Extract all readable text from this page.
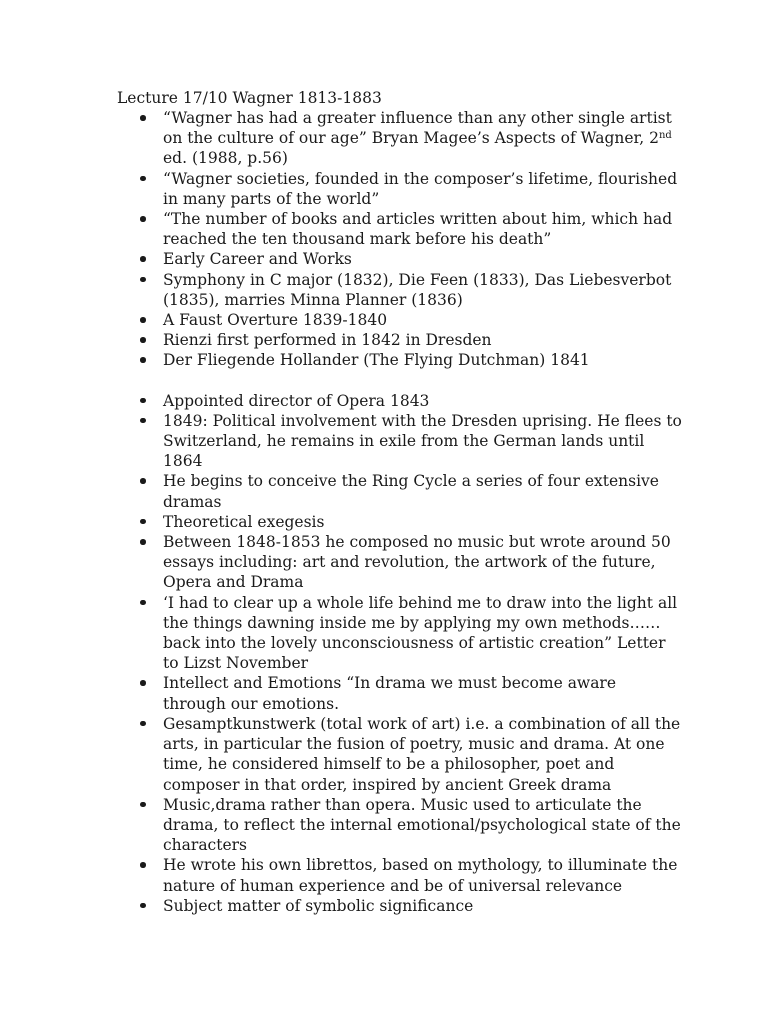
Lecture 17/10 Wagner 1813-1883
“Wagner has had a greater influence than any other single artist on the culture of our age” Bryan Magee’s Aspects of Wagner, 2nd ed. (1988, p.56)
“Wagner societies, founded in the composer’s lifetime, flourished in many parts of the world”
“The number of books and articles written about him, which had reached the ten thousand mark before his death”
Early Career and Works
Symphony in C major (1832), Die Feen (1833), Das Liebesverbot (1835), marries Minna Planner (1836)
A Faust Overture 1839-1840
Rienzi first performed in 1842 in Dresden
Der Fliegende Hollander (The Flying Dutchman) 1841
Appointed director of Opera 1843
1849: Political involvement with the Dresden uprising. He flees to Switzerland, he remains in exile from the German lands until 1864
He begins to conceive the Ring Cycle a series of four extensive dramas
Theoretical exegesis
Between 1848-1853 he composed no music but wrote around 50 essays including: art and revolution, the artwork of the future, Opera and Drama
‘I had to clear up a whole life behind me to draw into the light all the things dawning inside me by applying my own methods……back into the lovely unconsciousness of artistic creation” Letter to Lizst November
Intellect and Emotions “In drama we must become aware through our emotions.
Gesamptkunstwerk (total work of art) i.e. a combination of all the arts, in particular the fusion of poetry, music and drama. At one time, he considered himself to be a philosopher, poet and composer in that order, inspired by ancient Greek drama
Music,drama rather than opera. Music used to articulate the drama, to reflect the internal emotional/psychological state of the characters
He wrote his own librettos, based on mythology, to illuminate the nature of human experience and be of universal relevance
Subject matter of symbolic significance
